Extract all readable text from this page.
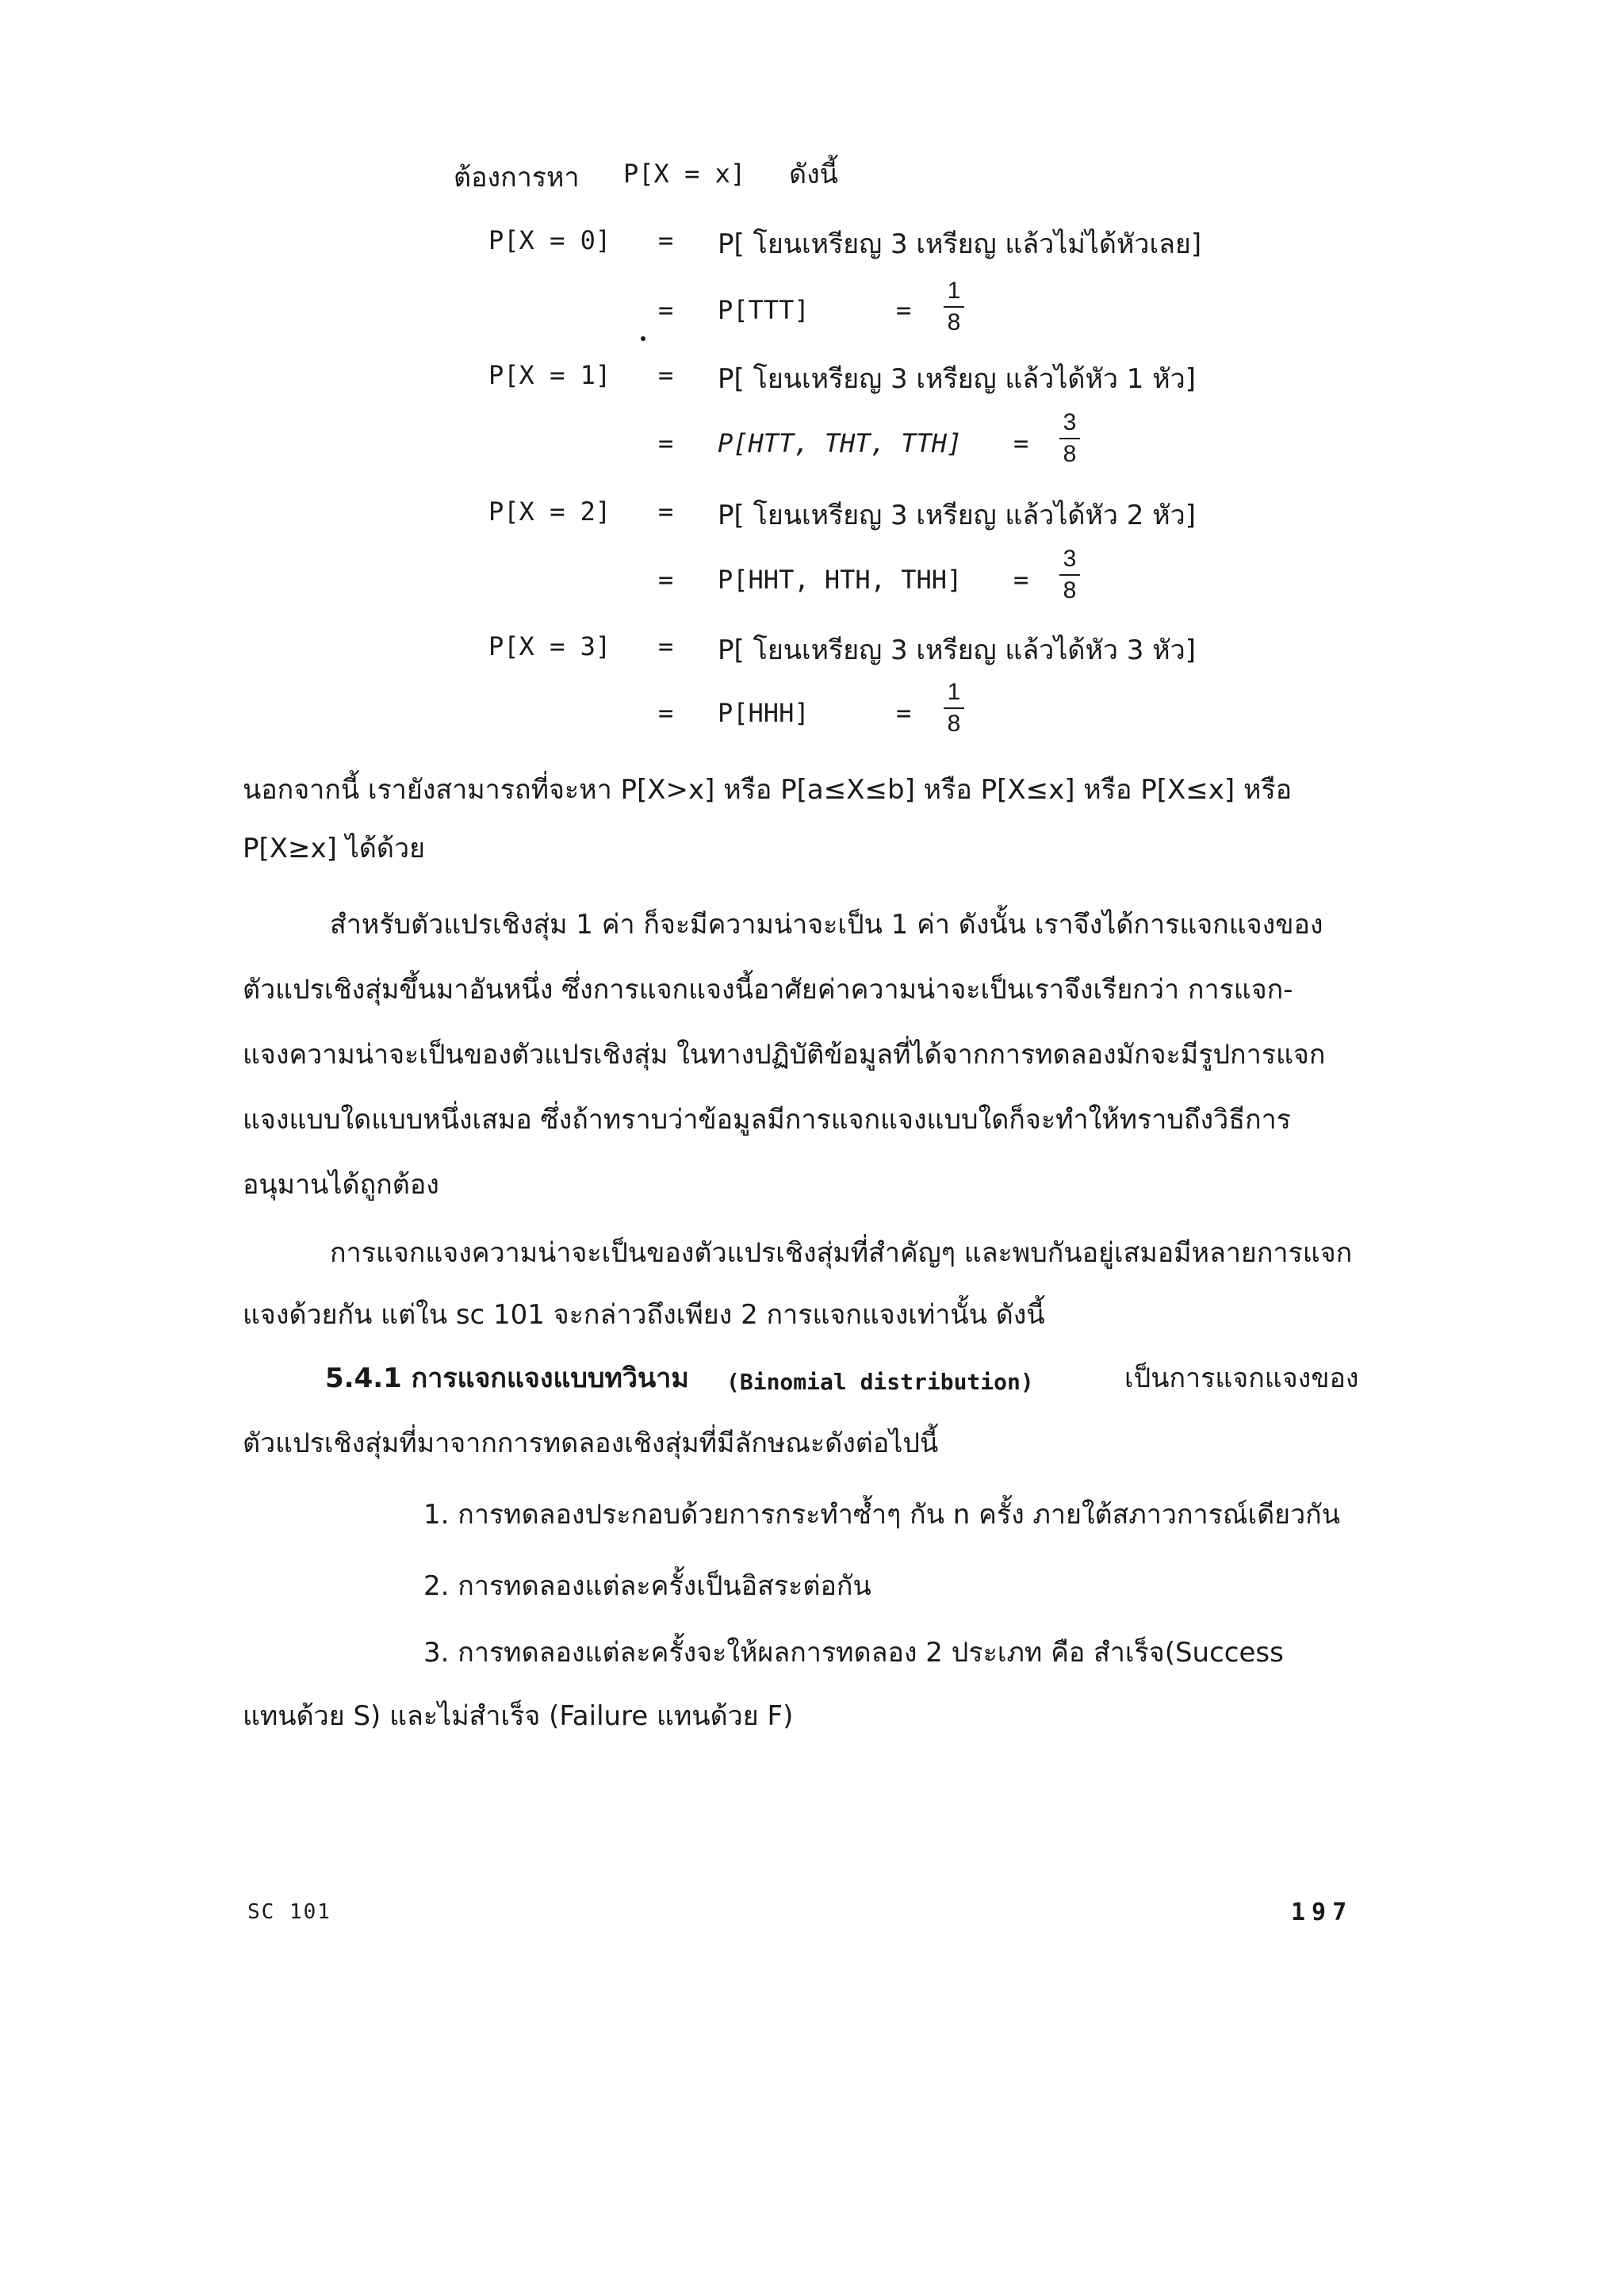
ต้องการหา P[X = x] ดังนี้
P[X = 0] = P[ โยนเหรียญ 3 เหรียญ แล้วไม่ได้หัวเลย]
= P[TTT]	=
1
8
P[X = 1] = P[ โยนเหรียญ 3 เหรียญ แล้วได้หัว 1 หัว]
= P[HTT, THT, TTH] =
3
8
P[X = 2] = P[ โยนเหรียญ 3 เหรียญ แล้วได้หัว 2 หัว]
= P[HHT, HTH, THH] =
3
8
P[X = 3] = P[ โยนเหรียญ 3 เหรียญ แล้วได้หัว 3 หัว]
= P[HHH]	=
1
8
นอกจากนี้ เรายังสามารถที่จะหา P[X>x] หรือ P[a≤X≤b] หรือ P[X≤x] หรือ P[X≤x] หรือ
P[X≥x] ได้ด้วย
สำหรับตัวแปรเชิงสุ่ม 1 ค่า ก็จะมีความน่าจะเป็น 1 ค่า ดังนั้น เราจึงได้การแจกแจงของ
ตัวแปรเชิงสุ่มขึ้นมาอันหนึ่ง ซึ่งการแจกแจงนี้อาศัยค่าความน่าจะเป็นเราจึงเรียกว่า การแจก-
แจงความน่าจะเป็นของตัวแปรเชิงสุ่ม ในทางปฏิบัติข้อมูลที่ได้จากการทดลองมักจะมีรูปการแจก
แจงแบบใดแบบหนึ่งเสมอ ซึ่งถ้าทราบว่าข้อมูลมีการแจกแจงแบบใดก็จะทำให้ทราบถึงวิธีการ
อนุมานได้ถูกต้อง
การแจกแจงความน่าจะเป็นของตัวแปรเชิงสุ่มที่สำคัญๆ และพบกันอยู่เสมอมีหลายการแจก
แจงด้วยกัน แต่ใน sc 101 จะกล่าวถึงเพียง 2 การแจกแจงเท่านั้น ดังนี้
5.4.1 การแจกแจงแบบทวินาม (Binomial distribution)	เป็นการแจกแจงของ
ตัวแปรเชิงสุ่มที่มาจากการทดลองเชิงสุ่มที่มีลักษณะดังต่อไปนี้
1. การทดลองประกอบด้วยการกระทำซ้ำๆ กัน n ครั้ง ภายใต้สภาวการณ์เดียวกัน
2. การทดลองแต่ละครั้งเป็นอิสระต่อกัน
3. การทดลองแต่ละครั้งจะให้ผลการทดลอง 2 ประเภท คือ สำเร็จ(Success
แทนด้วย S) และไม่สำเร็จ (Failure แทนด้วย F)
SC 101	197
